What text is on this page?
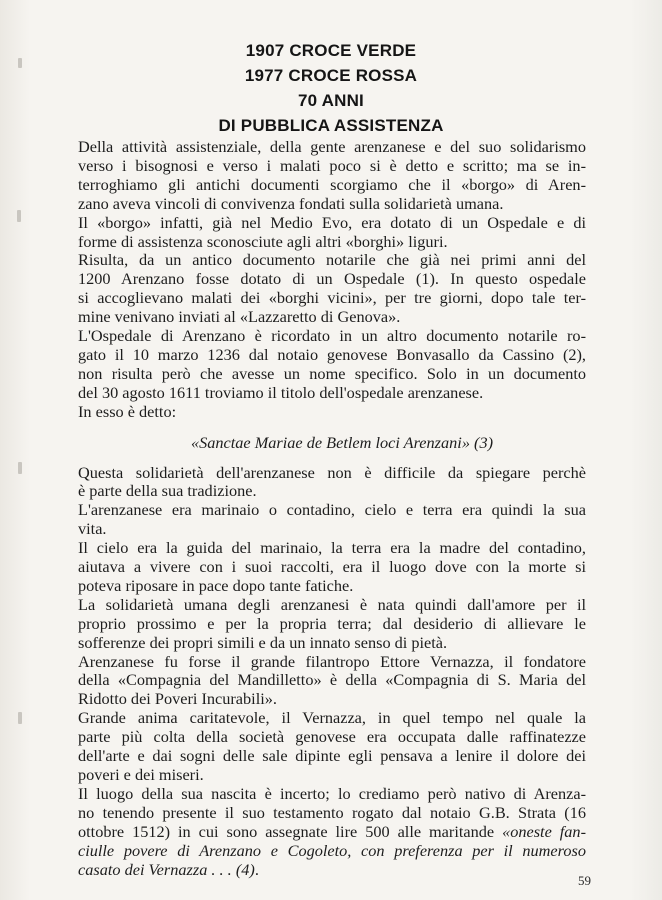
1907 CROCE VERDE
1977 CROCE ROSSA
70 ANNI
DI PUBBLICA ASSISTENZA
Della attività assistenziale, della gente arenzanese e del suo solidarismo
verso i bisognosi e verso i malati poco si è detto e scritto; ma se in-
terroghiamo gli antichi documenti scorgiamo che il «borgo» di Aren-
zano aveva vincoli di convivenza fondati sulla solidarietà umana.
Il «borgo» infatti, già nel Medio Evo, era dotato di un Ospedale e di
forme di assistenza sconosciute agli altri «borghi» liguri.
Risulta, da un antico documento notarile che già nei primi anni del
1200 Arenzano fosse dotato di un Ospedale (1). In questo ospedale
si accoglievano malati dei «borghi vicini», per tre giorni, dopo tale ter-
mine venivano inviati al «Lazzaretto di Genova».
L'Ospedale di Arenzano è ricordato in un altro documento notarile ro-
gato il 10 marzo 1236 dal notaio genovese Bonvasallo da Cassino (2),
non risulta però che avesse un nome specifico. Solo in un documento
del 30 agosto 1611 troviamo il titolo dell'ospedale arenzanese.
In esso è detto:
«Sanctae Mariae de Betlem loci Arenzani» (3)
Questa solidarietà dell'arenzanese non è difficile da spiegare perchè
è parte della sua tradizione.
L'arenzanese era marinaio o contadino, cielo e terra era quindi la sua
vita.
Il cielo era la guida del marinaio, la terra era la madre del contadino,
aiutava a vivere con i suoi raccolti, era il luogo dove con la morte si
poteva riposare in pace dopo tante fatiche.
La solidarietà umana degli arenzanesi è nata quindi dall'amore per il
proprio prossimo e per la propria terra; dal desiderio di allievare le
sofferenze dei propri simili e da un innato senso di pietà.
Arenzanese fu forse il grande filantropo Ettore Vernazza, il fondatore
della «Compagnia del Mandilletto» è della «Compagnia di S. Maria del
Ridotto dei Poveri Incurabili».
Grande anima caritatevole, il Vernazza, in quel tempo nel quale la
parte più colta della società genovese era occupata dalle raffinatezze
dell'arte e dai sogni delle sale dipinte egli pensava a lenire il dolore dei
poveri e dei miseri.
Il luogo della sua nascita è incerto; lo crediamo però nativo di Arenza-
no tenendo presente il suo testamento rogato dal notaio G.B. Strata (16
ottobre 1512) in cui sono assegnate lire 500 alle maritande «oneste fan-
ciulle povere di Arenzano e Cogoleto, con preferenza per il numeroso
casato dei Vernazza . . . (4).
59
